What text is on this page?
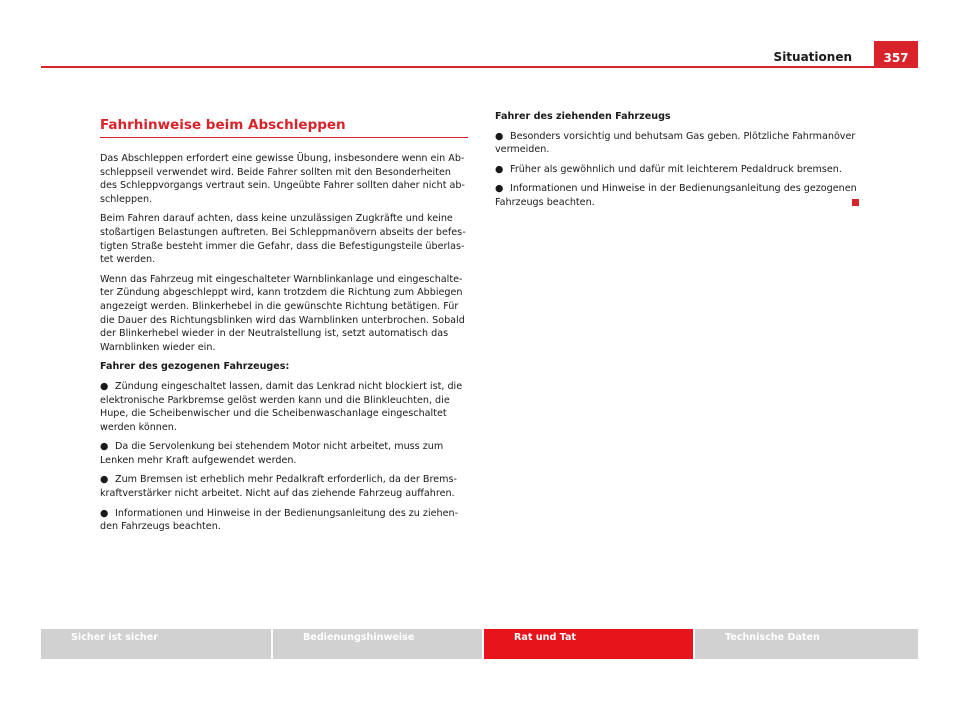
Situationen	357
Fahrhinweise beim Abschleppen

Das Abschleppen erfordert eine gewisse Übung, insbesondere wenn ein Abschleppseil verwendet wird. Beide Fahrer sollten mit den Besonderheiten des Schleppvorgangs vertraut sein. Ungeübte Fahrer sollten daher nicht abschleppen.

Beim Fahren darauf achten, dass keine unzulässigen Zugkräfte und keine stoßartigen Belastungen auftreten. Bei Schleppmanövern abseits der befestigten Straße besteht immer die Gefahr, dass die Befestigungsteile überlastet werden.

Wenn das Fahrzeug mit eingeschalteter Warnblinkanlage und eingeschalteter Zündung abgeschleppt wird, kann trotzdem die Richtung zum Abbiegen angezeigt werden. Blinkerhebel in die gewünschte Richtung betätigen. Für die Dauer des Richtungsblinken wird das Warnblinken unterbrochen. Sobald der Blinkerhebel wieder in der Neutralstellung ist, setzt automatisch das Warnblinken wieder ein.

Fahrer des gezogenen Fahrzeuges:

● Zündung eingeschaltet lassen, damit das Lenkrad nicht blockiert ist, die elektronische Parkbremse gelöst werden kann und die Blinkleuchten, die Hupe, die Scheibenwischer und die Scheibenwaschanlage eingeschaltet werden können.

● Da die Servolenkung bei stehendem Motor nicht arbeitet, muss zum Lenken mehr Kraft aufgewendet werden.

● Zum Bremsen ist erheblich mehr Pedalkraft erforderlich, da der Bremskraftverstärker nicht arbeitet. Nicht auf das ziehende Fahrzeug auffahren.

● Informationen und Hinweise in der Bedienungsanleitung des zu ziehenden Fahrzeugs beachten.

Fahrer des ziehenden Fahrzeugs

● Besonders vorsichtig und behutsam Gas geben. Plötzliche Fahrmanöver vermeiden.

● Früher als gewöhnlich und dafür mit leichterem Pedaldruck bremsen.

● Informationen und Hinweise in der Bedienungsanleitung des gezogenen Fahrzeugs beachten.

Sicher ist sicher	Bedienungshinweise	Rat und Tat	Technische Daten
